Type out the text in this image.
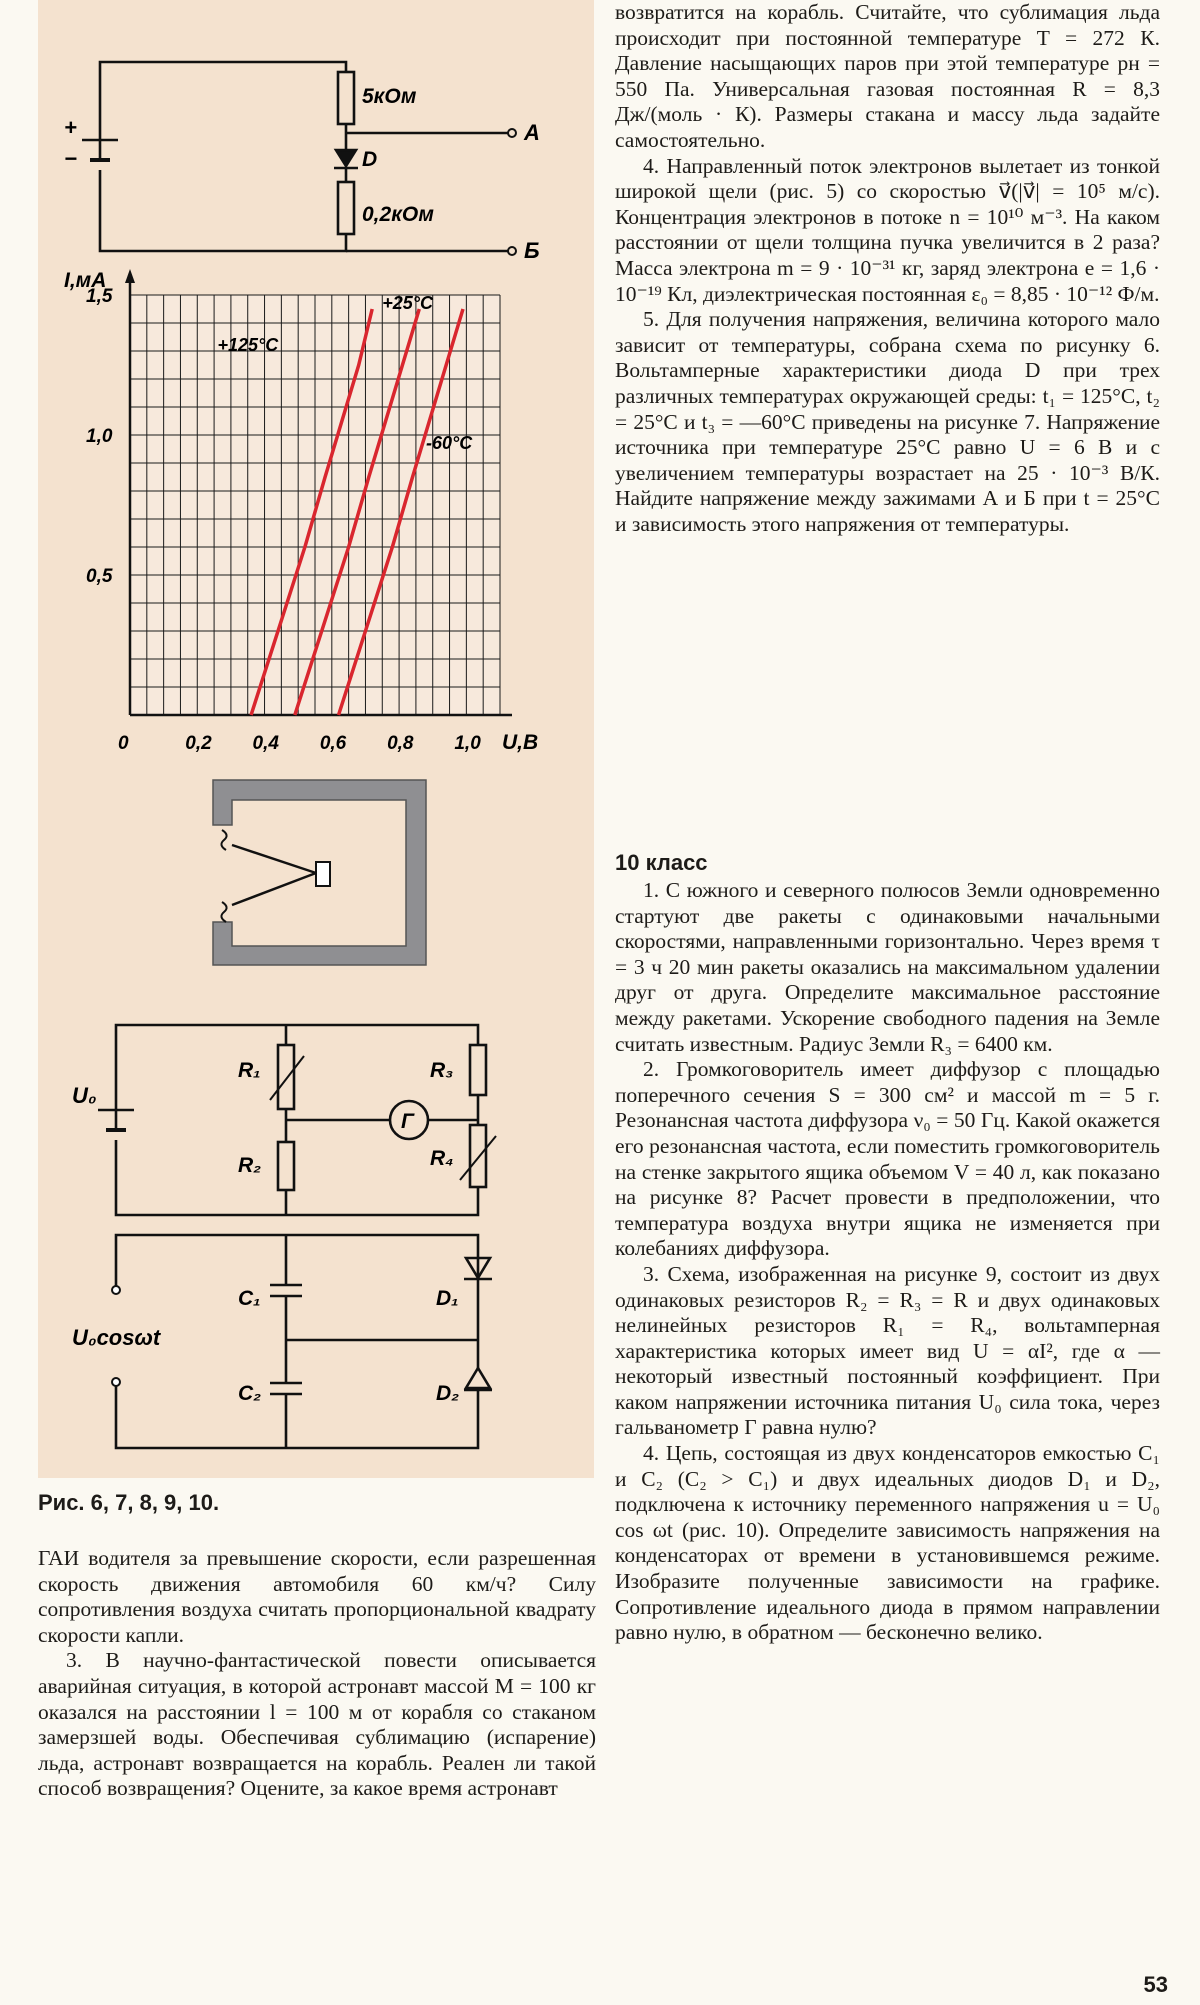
+
−
5кОм
D
0,2кОм
A
Б
0	0,2 0,4 0,6 0,8 1,0
0,5
1,0
1,5
U,B
I,мА
+125°C
+25°C
-60°C
U₀
R₁
R₂
R₃
R₄
Г
U₀cosωt
C₁
C₂
D₁
D₂
Рис. 6, 7, 8, 9, 10.

ГАИ водителя за превышение скорости, если разрешенная скорость движения автомобиля 60 км/ч? Силу сопротивления воздуха считать пропорциональной квадрату скорости капли.

3. В научно-фантастической повести описывается аварийная ситуация, в которой астронавт массой M = 100 кг оказался на расстоянии l = 100 м от корабля со стаканом замерзшей воды. Обеспечивая сублимацию (испарение) льда, астронавт возвращается на корабль. Реален ли такой способ возвращения? Оцените, за какое время астронавт

возвратится на корабль. Считайте, что сублимация льда происходит при постоянной температуре T = 272 К. Давление насыщающих паров при этой температуре pн = 550 Па. Универсальная газовая постоянная R = 8,3 Дж/(моль · К). Размеры стакана и массу льда задайте самостоятельно.

4. Направленный поток электронов вылетает из тонкой широкой щели (рис. 5) со скоростью v⃗(|v⃗| = 10⁵ м/с). Концентрация электронов в потоке n = 10¹⁰ м⁻³. На каком расстоянии от щели толщина пучка увеличится в 2 раза? Масса электрона m = 9 · 10⁻³¹ кг, заряд электрона e = 1,6 · 10⁻¹⁹ Кл, диэлектрическая постоянная ε₀ = 8,85 · 10⁻¹² Ф/м.

5. Для получения напряжения, величина которого мало зависит от температуры, собрана схема по рисунку 6. Вольтамперные характеристики диода D при трех различных температурах окружающей среды: t₁ = 125°С, t₂ = 25°С и t₃ = —60°С приведены на рисунке 7. Напряжение источника при температуре 25°С равно U = 6 В и с увеличением температуры возрастает на 25 · 10⁻³ В/К. Найдите напряжение между зажимами А и Б при t = 25°С и зависимость этого напряжения от температуры.

10 класс

1. С южного и северного полюсов Земли одновременно стартуют две ракеты с одинаковыми начальными скоростями, направленными горизонтально. Через время τ = 3 ч 20 мин ракеты оказались на максимальном удалении друг от друга. Определите максимальное расстояние между ракетами. Ускорение свободного падения на Земле считать известным. Радиус Земли R₃ = 6400 км.

2. Громкоговоритель имеет диффузор с площадью поперечного сечения S = 300 см² и массой m = 5 г. Резонансная частота диффузора ν₀ = 50 Гц. Какой окажется его резонансная частота, если поместить громкоговоритель на стенке закрытого ящика объемом V = 40 л, как показано на рисунке 8? Расчет провести в предположении, что температура воздуха внутри ящика не изменяется при колебаниях диффузора.

3. Схема, изображенная на рисунке 9, состоит из двух одинаковых резисторов R₂ = R₃ = R и двух одинаковых нелинейных резисторов R₁ = R₄, вольтамперная характеристика которых имеет вид U = αI², где α — некоторый известный постоянный коэффициент. При каком напряжении источника питания U₀ сила тока, через гальванометр Г равна нулю?

4. Цепь, состоящая из двух конденсаторов емкостью C₁ и C₂ (C₂ > C₁) и двух идеальных диодов D₁ и D₂, подключена к источнику переменного напряжения u = U₀ cos ωt (рис. 10). Определите зависимость напряжения на конденсаторах от времени в установившемся режиме. Изобразите полученные зависимости на графике. Сопротивление идеального диода в прямом направлении равно нулю, в обратном — бесконечно велико.

53
